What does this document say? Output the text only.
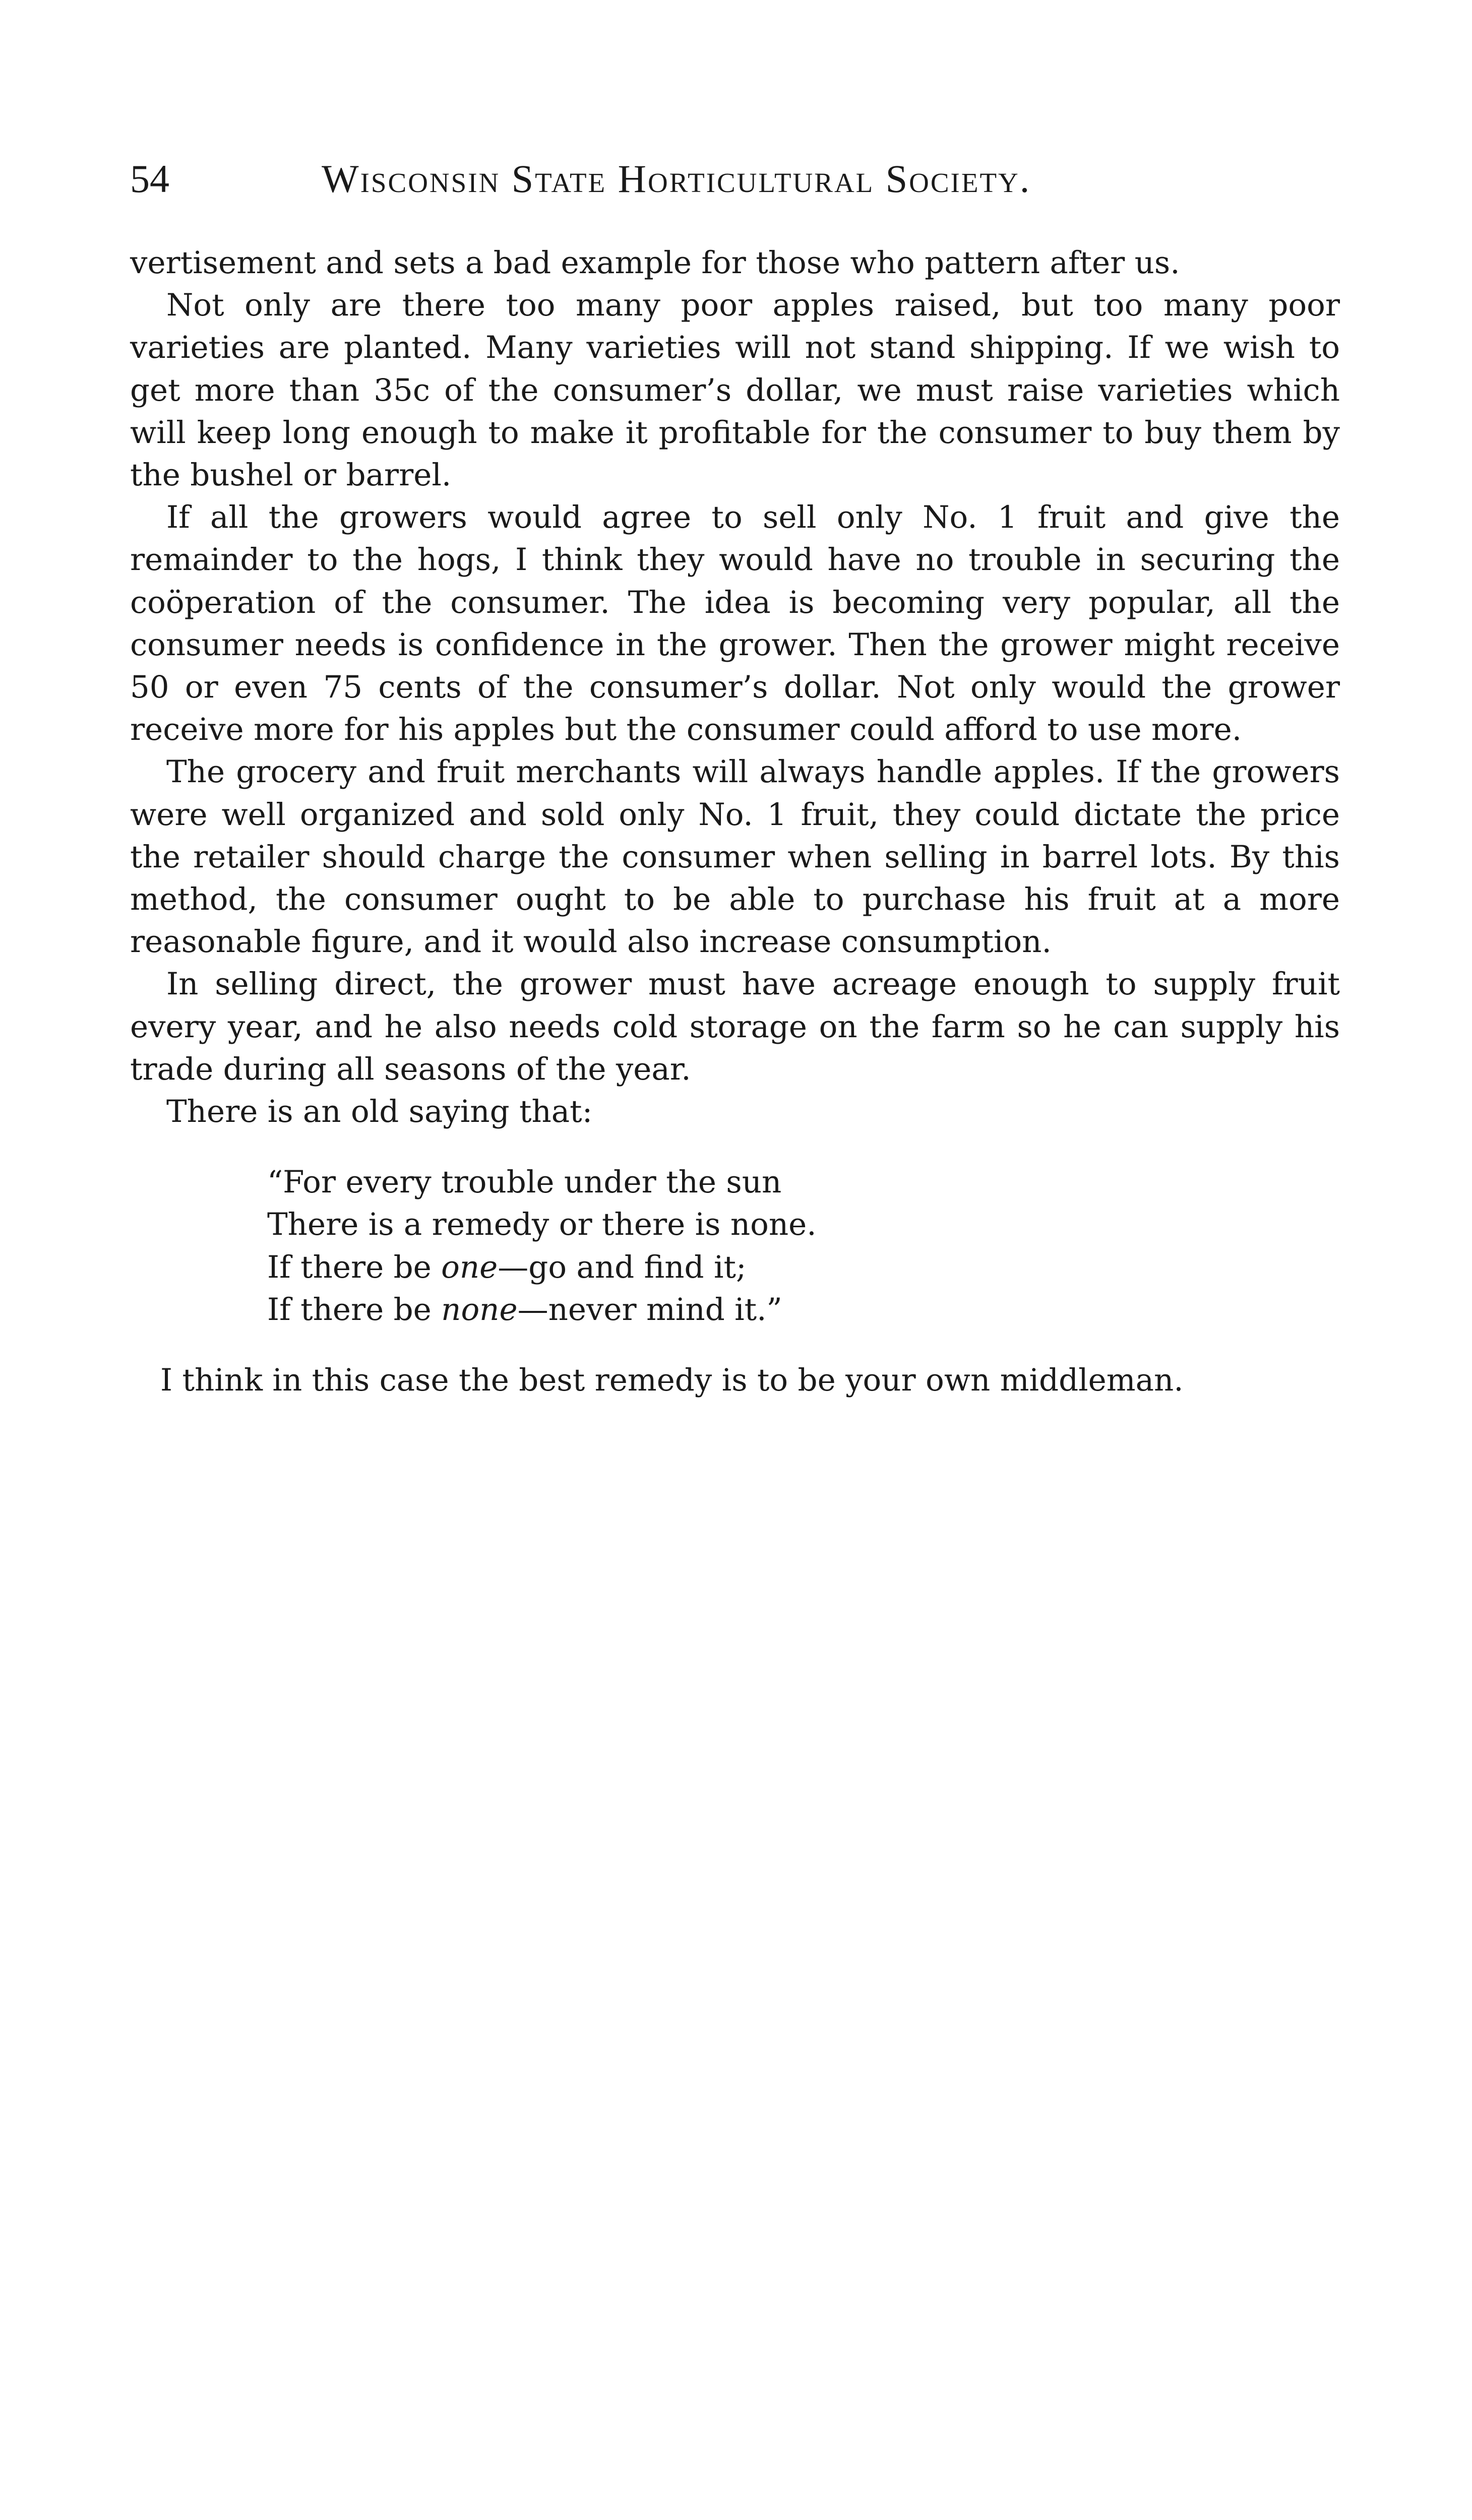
54	Wisconsin State Horticultural Society.

vertisement and sets a bad example for those who pattern after us.

Not only are there too many poor apples raised, but too many poor varieties are planted. Many varieties will not stand shipping. If we wish to get more than 35c of the consumer’s dollar, we must raise varieties which will keep long enough to make it profitable for the consumer to buy them by the bushel or barrel.

If all the growers would agree to sell only No. 1 fruit and give the remainder to the hogs, I think they would have no trouble in securing the coöperation of the consumer. The idea is becoming very popular, all the consumer needs is confidence in the grower. Then the grower might receive 50 or even 75 cents of the consumer’s dollar. Not only would the grower receive more for his apples but the consumer could afford to use more.

The grocery and fruit merchants will always handle apples. If the growers were well organized and sold only No. 1 fruit, they could dictate the price the retailer should charge the consumer when selling in barrel lots. By this method, the consumer ought to be able to purchase his fruit at a more reasonable figure, and it would also increase consumption.

In selling direct, the grower must have acreage enough to supply fruit every year, and he also needs cold storage on the farm so he can supply his trade during all seasons of the year.

There is an old saying that:

“For every trouble under the sun
There is a remedy or there is none.
If there be one—go and find it;
If there be none—never mind it.”

I think in this case the best remedy is to be your own middleman.
